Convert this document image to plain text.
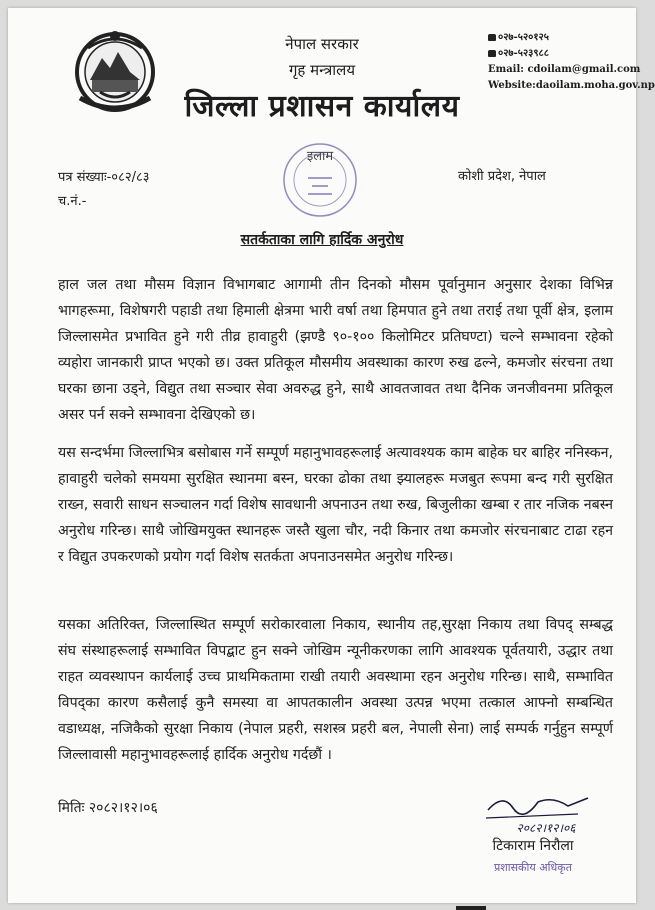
नेपाल सरकार
गृह मन्त्रालय
जिल्ला प्रशासन कार्यालय
०२७-५२०१२५
०२७-५२३९८८
Email: cdoilam@gmail.com
Website:daoilam.moha.gov.np
पत्र संख्याः-०८२/८३
च.नं.-
इलाम
कोशी प्रदेश, नेपाल
सतर्कताका लागि हार्दिक अनुरोध

हाल जल तथा मौसम विज्ञान विभागबाट आगामी तीन दिनको मौसम पूर्वानुमान अनुसार देशका विभिन्न भागहरूमा, विशेषगरी पहाडी तथा हिमाली क्षेत्रमा भारी वर्षा तथा हिमपात हुने तथा तराई तथा पूर्वी क्षेत्र, इलाम जिल्लासमेत प्रभावित हुने गरी तीव्र हावाहुरी (झण्डै ९०-१०० किलोमिटर प्रतिघण्टा) चल्ने सम्भावना रहेको व्यहोरा जानकारी प्राप्त भएको छ। उक्त प्रतिकूल मौसमीय अवस्थाका कारण रुख ढल्ने, कमजोर संरचना तथा घरका छाना उड्ने, विद्युत तथा सञ्चार सेवा अवरुद्ध हुने, साथै आवतजावत तथा दैनिक जनजीवनमा प्रतिकूल असर पर्न सक्ने सम्भावना देखिएको छ।

यस सन्दर्भमा जिल्लाभित्र बसोबास गर्ने सम्पूर्ण महानुभावहरूलाई अत्यावश्यक काम बाहेक घर बाहिर ननिस्कन, हावाहुरी चलेको समयमा सुरक्षित स्थानमा बस्न, घरका ढोका तथा झ्यालहरू मजबुत रूपमा बन्द गरी सुरक्षित राख्न, सवारी साधन सञ्चालन गर्दा विशेष सावधानी अपनाउन तथा रुख, बिजुलीका खम्बा र तार नजिक नबस्न अनुरोध गरिन्छ। साथै जोखिमयुक्त स्थानहरू जस्तै खुला चौर, नदी किनार तथा कमजोर संरचनाबाट टाढा रहन र विद्युत उपकरणको प्रयोग गर्दा विशेष सतर्कता अपनाउनसमेत अनुरोध गरिन्छ।

यसका अतिरिक्त, जिल्लास्थित सम्पूर्ण सरोकारवाला निकाय, स्थानीय तह,सुरक्षा निकाय तथा विपद् सम्बद्ध संघ संस्थाहरूलाई सम्भावित विपद्बाट हुन सक्ने जोखिम न्यूनीकरणका लागि आवश्यक पूर्वतयारी, उद्धार तथा राहत व्यवस्थापन कार्यलाई उच्च प्राथमिकतामा राखी तयारी अवस्थामा रहन अनुरोध गरिन्छ। साथै, सम्भावित विपद्का कारण कसैलाई कुनै समस्या वा आपतकालीन अवस्था उत्पन्न भएमा तत्काल आफ्नो सम्बन्धित वडाध्यक्ष, नजिकैको सुरक्षा निकाय (नेपाल प्रहरी, सशस्त्र प्रहरी बल, नेपाली सेना) लाई सम्पर्क गर्नुहुन सम्पूर्ण जिल्लावासी महानुभावहरूलाई हार्दिक अनुरोध गर्दछौं ।

मितिः २०८२।१२।०६
२०८२।१२।०६
टिकाराम निरौला
प्रशासकीय अधिकृत
